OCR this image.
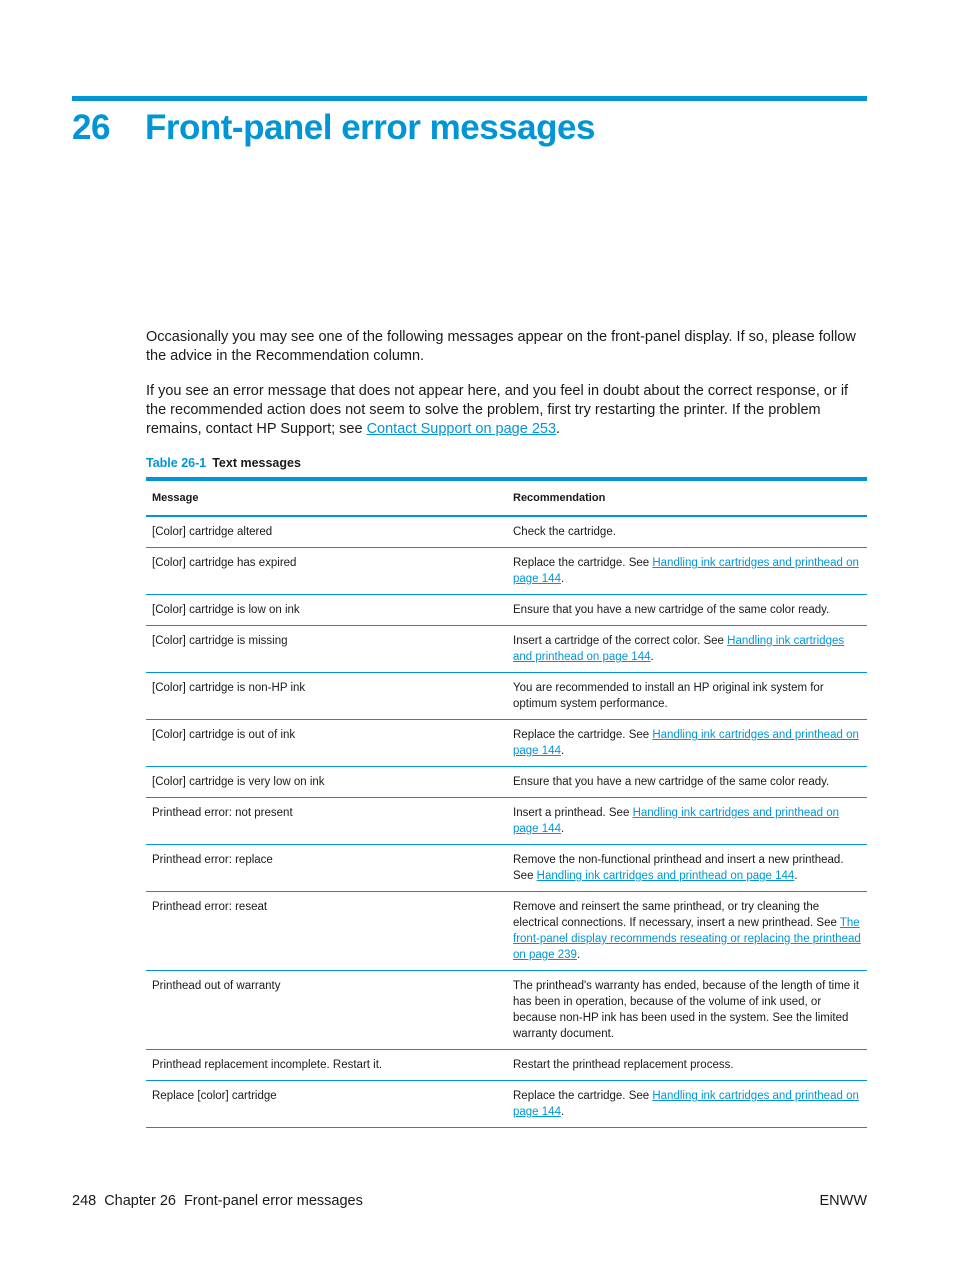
26 Front-panel error messages

Occasionally you may see one of the following messages appear on the front-panel display. If so, please follow the advice in the Recommendation column.

If you see an error message that does not appear here, and you feel in doubt about the correct response, or if the recommended action does not seem to solve the problem, first try restarting the printer. If the problem remains, contact HP Support; see Contact Support on page 253.

Table 26-1 Text messages
Message	Recommendation
[Color] cartridge altered	Check the cartridge.
[Color] cartridge has expired	Replace the cartridge. See Handling ink cartridges and printhead on page 144.
[Color] cartridge is low on ink	Ensure that you have a new cartridge of the same color ready.
[Color] cartridge is missing	Insert a cartridge of the correct color. See Handling ink cartridges and printhead on page 144.
[Color] cartridge is non-HP ink	You are recommended to install an HP original ink system for optimum system performance.
[Color] cartridge is out of ink	Replace the cartridge. See Handling ink cartridges and printhead on page 144.
[Color] cartridge is very low on ink	Ensure that you have a new cartridge of the same color ready.
Printhead error: not present	Insert a printhead. See Handling ink cartridges and printhead on page 144.
Printhead error: replace	Remove the non-functional printhead and insert a new printhead. See Handling ink cartridges and printhead on page 144.
Printhead error: reseat	Remove and reinsert the same printhead, or try cleaning the electrical connections. If necessary, insert a new printhead. See The front-panel display recommends reseating or replacing the printhead on page 239.
Printhead out of warranty	The printhead's warranty has ended, because of the length of time it has been in operation, because of the volume of ink used, or because non-HP ink has been used in the system. See the limited warranty document.
Printhead replacement incomplete. Restart it.	Restart the printhead replacement process.
Replace [color] cartridge	Replace the cartridge. See Handling ink cartridges and printhead on page 144.
248 Chapter 26 Front-panel error messages	ENWW
